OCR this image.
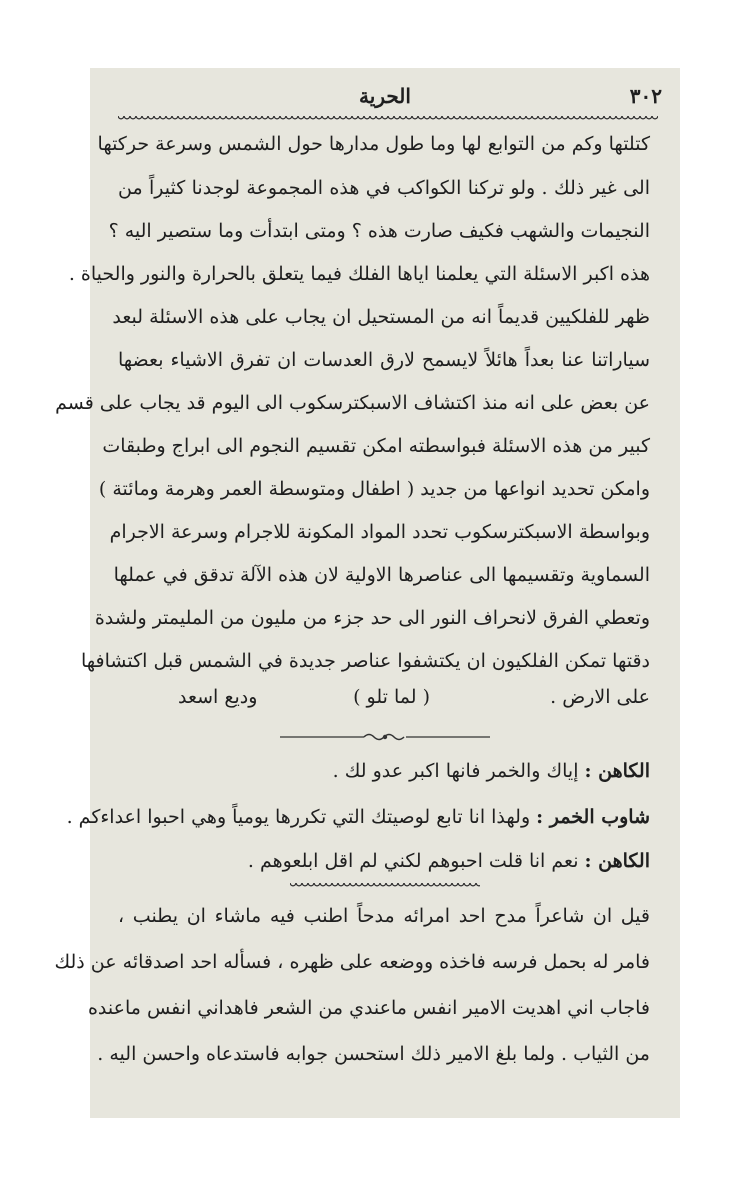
٣٠٢
الحرية
كتلتها وكم من التوابع لها وما طول مدارها حول الشمس وسرعة حركتها
الى غير ذلك . ولو تركنا الكواكب في هذه المجموعة لوجدنا كثيراً من
النجيمات والشهب فكيف صارت هذه ؟ ومتى ابتدأت وما ستصير اليه ؟
هذه اكبر الاسئلة التي يعلمنا اياها الفلك فيما يتعلق بالحرارة والنور والحياة .
ظهر للفلكيين قديماً انه من المستحيل ان يجاب على هذه الاسئلة لبعد
سياراتنا عنا بعداً هائلاً لايسمح لارق العدسات ان تفرق الاشياء بعضها
عن بعض على انه منذ اكتشاف الاسبكترسكوب الى اليوم قد يجاب على قسم
كبير من هذه الاسئلة فبواسطته امكن تقسيم النجوم الى ابراج وطبقات
وامكن تحديد انواعها من جديد ( اطفال ومتوسطة العمر وهرمة ومائتة )
وبواسطة الاسبكترسكوب تحدد المواد المكونة للاجرام وسرعة الاجرام
السماوية وتقسيمها الى عناصرها الاولية لان هذه الآلة تدقق في عملها
وتعطي الفرق لانحراف النور الى حد جزء من مليون من المليمتر ولشدة
دقتها تمكن الفلكيون ان يكتشفوا عناصر جديدة في الشمس قبل اكتشافها
على الارض .
( لما تلو )
وديع اسعد
الكاهن : إياك والخمر فانها اكبر عدو لك .
شاوب الخمر : ولهذا انا تابع لوصيتك التي تكررها يومياً وهي احبوا اعداءكم .
الكاهن : نعم انا قلت احبوهم لكني لم اقل ابلعوهم .
قيل ان شاعراً مدح احد امرائه مدحاً اطنب فيه ماشاء ان يطنب ،
فامر له بحمل فرسه فاخذه ووضعه على ظهره ، فسأله احد اصدقائه عن ذلك
فاجاب اني اهديت الامير انفس ماعندي من الشعر فاهداني انفس ماعنده
من الثياب . ولما بلغ الامير ذلك استحسن جوابه فاستدعاه واحسن اليه .
